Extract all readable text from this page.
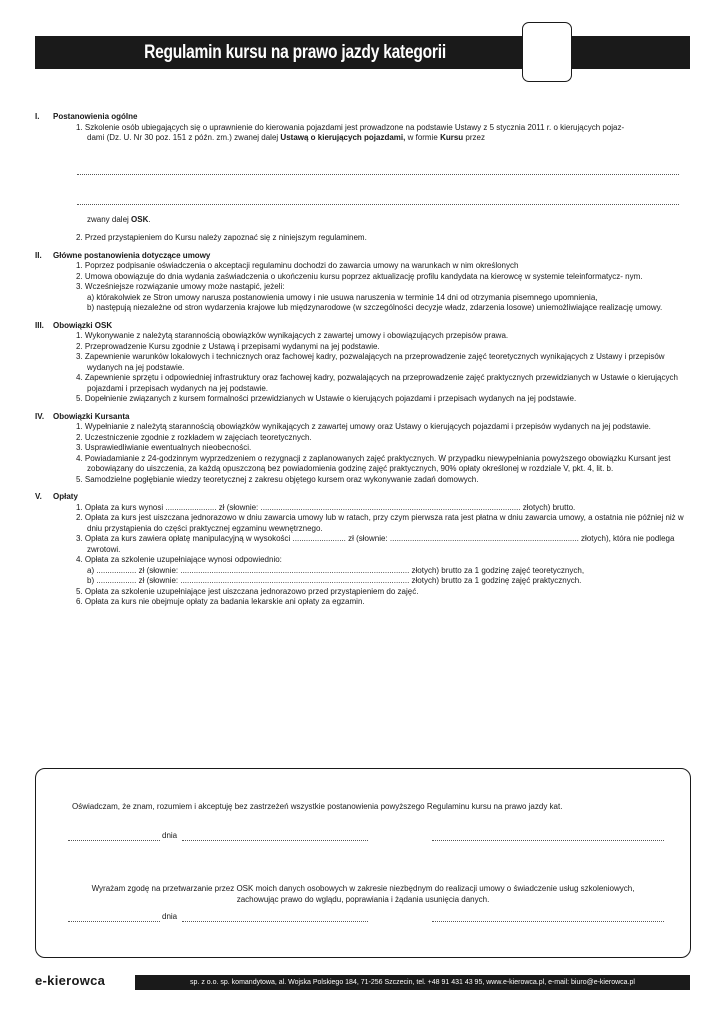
Regulamin kursu na prawo jazdy kategorii
I.	Postanowienia ogólne
1. Szkolenie osób ubiegających się o uprawnienie do kierowania pojazdami jest prowadzone na podstawie Ustawy z 5 stycznia 2011 r. o kierujących pojaz-
dami (Dz. U. Nr 30 poz. 151 z późn. zm.) zwanej dalej Ustawą o kierujących pojazdami, w formie Kursu przez
zwany dalej OSK.
2. Przed przystąpieniem do Kursu należy zapoznać się z niniejszym regulaminem.
II.	Główne postanowienia dotyczące umowy
1. Poprzez podpisanie oświadczenia o akceptacji regulaminu dochodzi do zawarcia umowy na warunkach w nim określonych
2. Umowa obowiązuje do dnia wydania zaświadczenia o ukończeniu kursu poprzez aktualizację profilu kandydata na kierowcę w systemie teleinformatycz- nym.
3. Wcześniejsze rozwiązanie umowy może nastąpić, jeżeli:
a) którakolwiek ze Stron umowy narusza postanowienia umowy i nie usuwa naruszenia w terminie 14 dni od otrzymania pisemnego upomnienia,
b) następują niezależne od stron wydarzenia krajowe lub międzynarodowe (w szczególności decyzje władz, zdarzenia losowe) uniemożliwiające realizację umowy.
III.	Obowiązki OSK
1. Wykonywanie z należytą starannością obowiązków wynikających z zawartej umowy i obowiązujących przepisów prawa.
2. Przeprowadzenie Kursu zgodnie z Ustawą i przepisami wydanymi na jej podstawie.
3. Zapewnienie warunków lokalowych i technicznych oraz fachowej kadry, pozwalających na przeprowadzenie zajęć teoretycznych wynikających z Ustawy i przepisów wydanych na jej podstawie.
4. Zapewnienie sprzętu i odpowiedniej infrastruktury oraz fachowej kadry, pozwalających na przeprowadzenie zajęć praktycznych przewidzianych w Ustawie o kierujących pojazdami i przepisach wydanych na jej podstawie.
5. Dopełnienie związanych z kursem formalności przewidzianych w Ustawie o kierujących pojazdami i przepisach wydanych na jej podstawie.
IV.	Obowiązki Kursanta
1. Wypełnianie z należytą starannością obowiązków wynikających z zawartej umowy oraz Ustawy o kierujących pojazdami i przepisów wydanych na jej podstawie.
2. Uczestniczenie zgodnie z rozkładem w zajęciach teoretycznych.
3. Usprawiedliwianie ewentualnych nieobecności.
4. Powiadamianie z 24-godzinnym wyprzedzeniem o rezygnacji z zaplanowanych zajęć praktycznych. W przypadku niewypełniania powyższego obowiązku Kursant jest zobowiązany do uiszczenia, za każdą opuszczoną bez powiadomienia godzinę zajęć praktycznych, 90% opłaty określonej w rozdziale V, pkt. 4, lit. b.
5. Samodzielne pogłębianie wiedzy teoretycznej z zakresu objętego kursem oraz wykonywanie zadań domowych.
V.	Opłaty
1. Opłata za kurs wynosi ....................... zł (słownie: ..................................................................................................................... złotych) brutto.
2. Opłata za kurs jest uiszczana jednorazowo w dniu zawarcia umowy lub w ratach, przy czym pierwsza rata jest płatna w dniu zawarcia umowy, a ostatnia nie później niż w dniu przystąpienia do części praktycznej egzaminu wewnętrznego.
3. Opłata za kurs zawiera opłatę manipulacyjną w wysokości ........................ zł (słownie: ..................................................................................... złotych), która nie podlega zwrotowi.
4. Opłata za szkolenie uzupełniające wynosi odpowiednio:
a) .................. zł (słownie: ....................................................................................................... złotych) brutto za 1 godzinę zajęć teoretycznych,
b) .................. zł (słownie: ....................................................................................................... złotych) brutto za 1 godzinę zajęć praktycznych.
5. Opłata za szkolenie uzupełniające jest uiszczana jednorazowo przed przystąpieniem do zajęć.
6. Opłata za kurs nie obejmuje opłaty za badania lekarskie ani opłaty za egzamin.
Oświadczam, że znam, rozumiem i akceptuję bez zastrzeżeń wszystkie postanowienia powyższego Regulaminu kursu na prawo jazdy kat.
dnia
Wyrażam zgodę na przetwarzanie przez OSK moich danych osobowych w zakresie niezbędnym do realizacji umowy o świadczenie usług szkoleniowych,
zachowując prawo do wglądu, poprawiania i żądania usunięcia danych.
dnia
e-kierowca	sp. z o.o. sp. komandytowa, al. Wojska Polskiego 184, 71-256 Szczecin, tel. +48 91 431 43 95, www.e-kierowca.pl, e-mail: biuro@e-kierowca.pl
